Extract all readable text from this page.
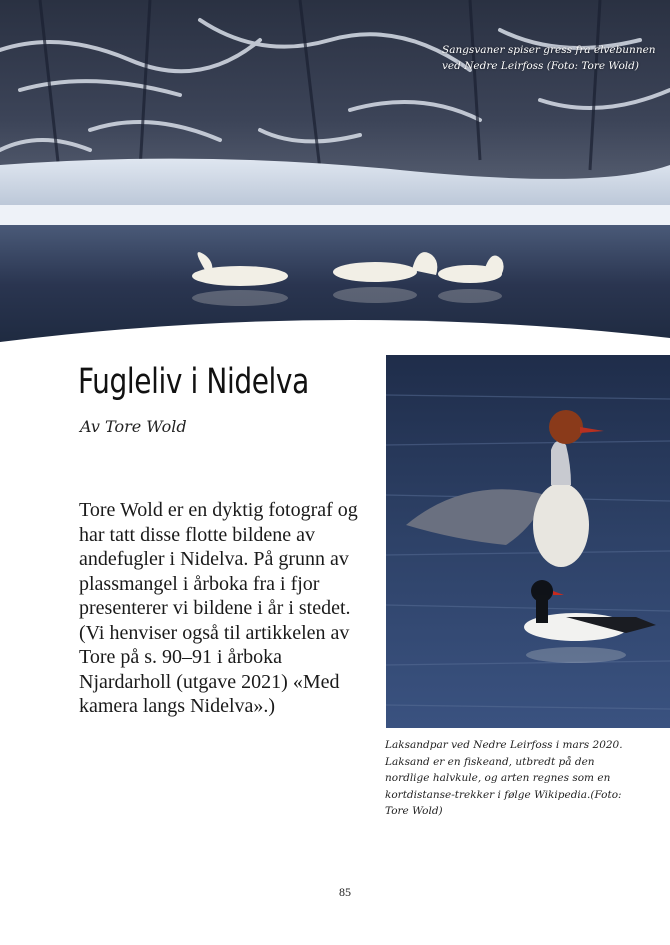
Sangsvaner spiser gress fra elvebunnen ved Nedre Leirfoss (Foto: Tore Wold)
Fugleliv i Nidelva
Av Tore Wold

Tore Wold er en dyktig fotograf og har tatt disse flotte bildene av andefugler i Nidelva. På grunn av plassmangel i årboka fra i fjor presenterer vi bildene i år i stedet. (Vi henviser også til artikkelen av Tore på s. 90–91 i årboka Njardarholl (utgave 2021) «Med kamera langs Nidelva».)

Laksandpar ved Nedre Leirfoss i mars 2020. Laksand er en fiskeand, utbredt på den nordlige halvkule, og arten regnes som en kortdistanse-trekker i følge Wikipedia.(Foto: Tore Wold)
85
